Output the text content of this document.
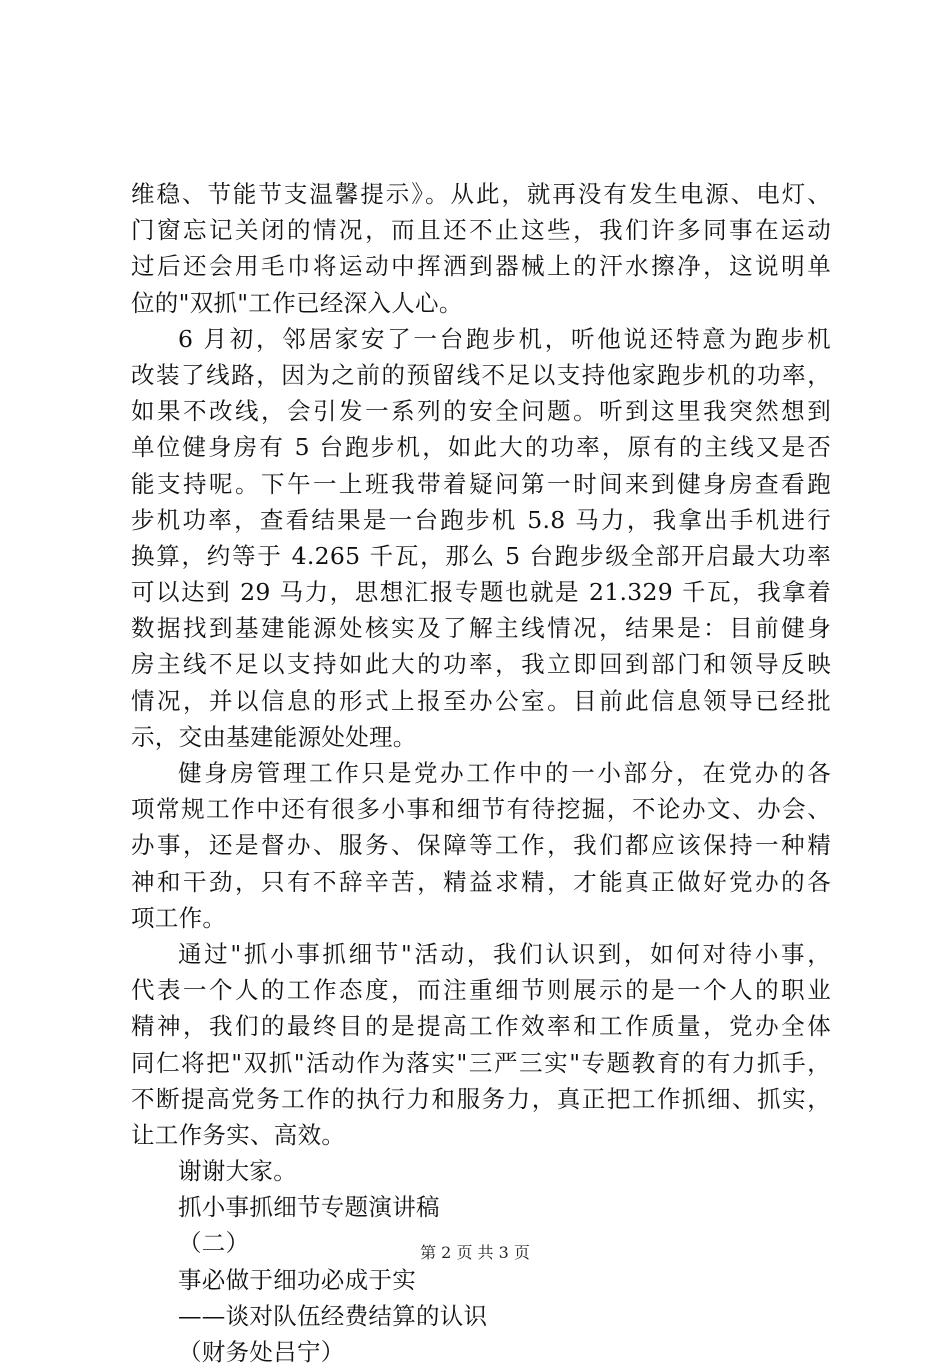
维稳、节能节支温馨提示》。从此，就再没有发生电源、电灯、
门窗忘记关闭的情况，而且还不止这些，我们许多同事在运动
过后还会用毛巾将运动中挥洒到器械上的汗水擦净，这说明单
位的"双抓"工作已经深入人心。
6 月初，邻居家安了一台跑步机，听他说还特意为跑步机
改装了线路，因为之前的预留线不足以支持他家跑步机的功率，
如果不改线，会引发一系列的安全问题。听到这里我突然想到
单位健身房有 5 台跑步机，如此大的功率，原有的主线又是否
能支持呢。下午一上班我带着疑问第一时间来到健身房查看跑
步机功率，查看结果是一台跑步机 5.8 马力，我拿出手机进行
换算，约等于 4.265 千瓦，那么 5 台跑步级全部开启最大功率
可以达到 29 马力，思想汇报专题也就是 21.329 千瓦，我拿着
数据找到基建能源处核实及了解主线情况，结果是：目前健身
房主线不足以支持如此大的功率，我立即回到部门和领导反映
情况，并以信息的形式上报至办公室。目前此信息领导已经批
示，交由基建能源处处理。
健身房管理工作只是党办工作中的一小部分，在党办的各
项常规工作中还有很多小事和细节有待挖掘，不论办文、办会、
办事，还是督办、服务、保障等工作，我们都应该保持一种精
神和干劲，只有不辞辛苦，精益求精，才能真正做好党办的各
项工作。
通过"抓小事抓细节"活动，我们认识到，如何对待小事，
代表一个人的工作态度，而注重细节则展示的是一个人的职业
精神，我们的最终目的是提高工作效率和工作质量，党办全体
同仁将把"双抓"活动作为落实"三严三实"专题教育的有力抓手，
不断提高党务工作的执行力和服务力，真正把工作抓细、抓实，
让工作务实、高效。
谢谢大家。
抓小事抓细节专题演讲稿
（二）
事必做于细功必成于实
——谈对队伍经费结算的认识
（财务处吕宁）
第 2 页 共 3 页
